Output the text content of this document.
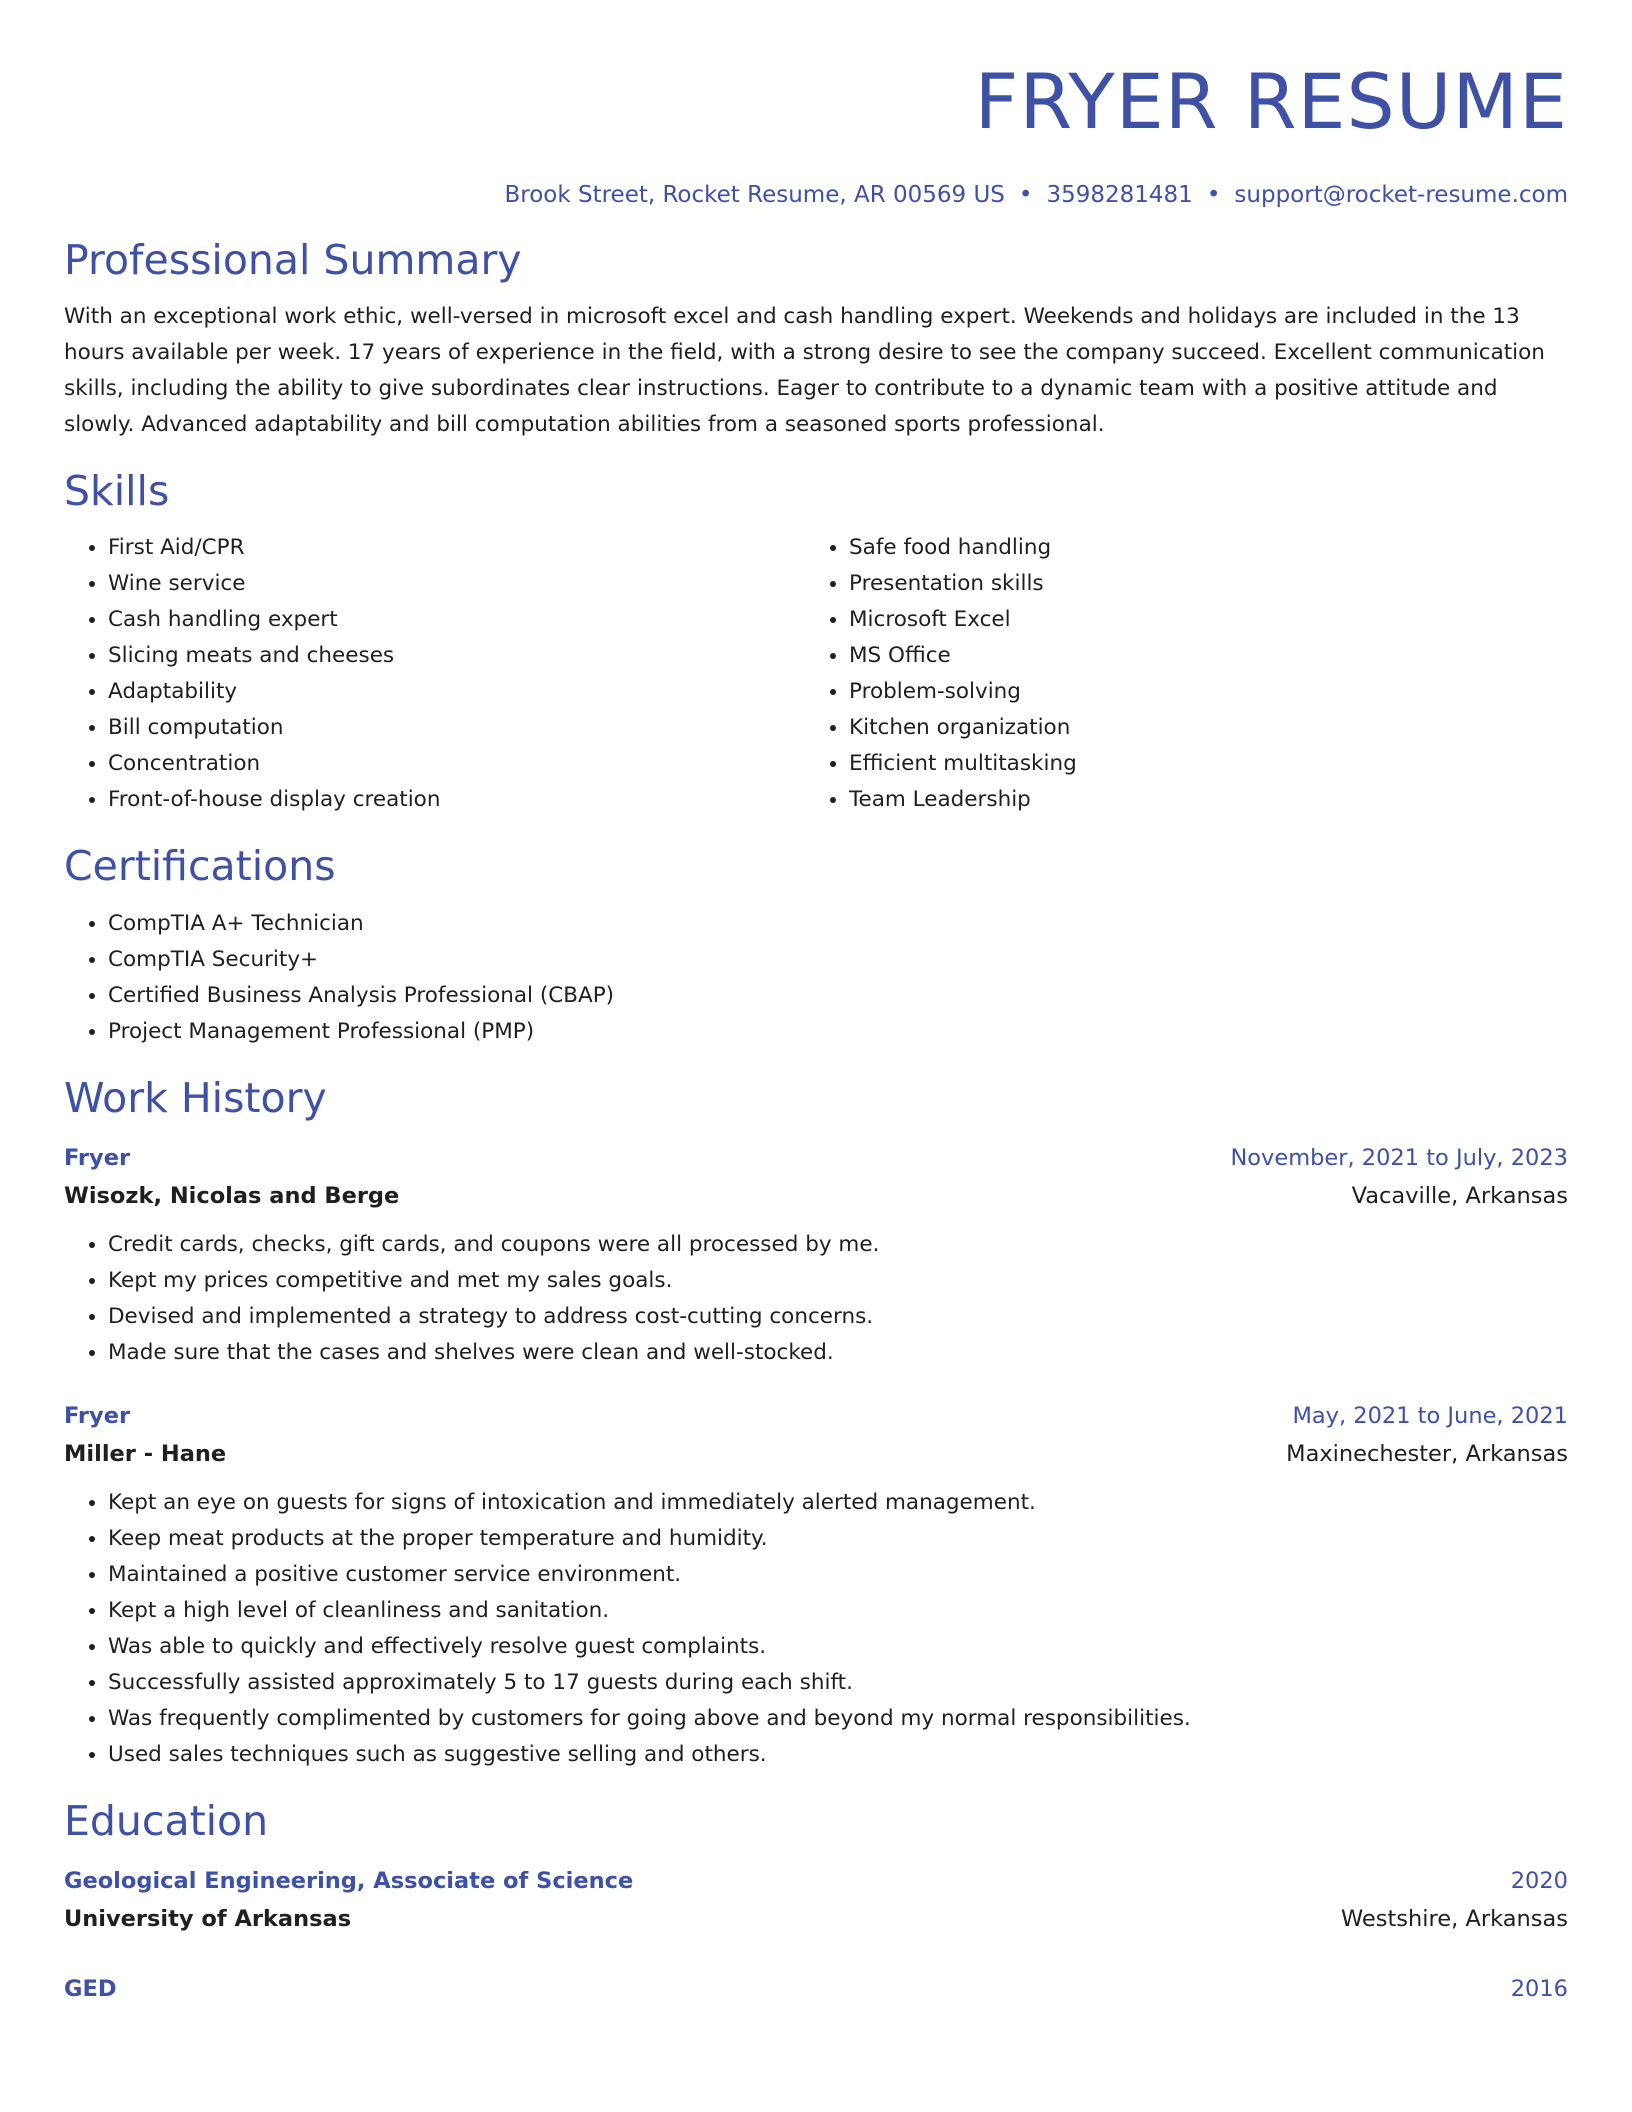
FRYER RESUME
Brook Street, Rocket Resume, AR 00569 US • 3598281481 • support@rocket-resume.com
Professional Summary
With an exceptional work ethic, well-versed in microsoft excel and cash handling expert. Weekends and holidays are included in the 13 hours available per week. 17 years of experience in the field, with a strong desire to see the company succeed. Excellent communication skills, including the ability to give subordinates clear instructions. Eager to contribute to a dynamic team with a positive attitude and slowly. Advanced adaptability and bill computation abilities from a seasoned sports professional.
Skills
• First Aid/CPR
• Wine service
• Cash handling expert
• Slicing meats and cheeses
• Adaptability
• Bill computation
• Concentration
• Front-of-house display creation
• Safe food handling
• Presentation skills
• Microsoft Excel
• MS Office
• Problem-solving
• Kitchen organization
• Efficient multitasking
• Team Leadership
Certifications
• CompTIA A+ Technician
• CompTIA Security+
• Certified Business Analysis Professional (CBAP)
• Project Management Professional (PMP)
Work History
Fryer	November, 2021 to July, 2023
Wisozk, Nicolas and Berge	Vacaville, Arkansas
• Credit cards, checks, gift cards, and coupons were all processed by me.
• Kept my prices competitive and met my sales goals.
• Devised and implemented a strategy to address cost-cutting concerns.
• Made sure that the cases and shelves were clean and well-stocked.
Fryer	May, 2021 to June, 2021
Miller - Hane	Maxinechester, Arkansas
• Kept an eye on guests for signs of intoxication and immediately alerted management.
• Keep meat products at the proper temperature and humidity.
• Maintained a positive customer service environment.
• Kept a high level of cleanliness and sanitation.
• Was able to quickly and effectively resolve guest complaints.
• Successfully assisted approximately 5 to 17 guests during each shift.
• Was frequently complimented by customers for going above and beyond my normal responsibilities.
• Used sales techniques such as suggestive selling and others.
Education
Geological Engineering, Associate of Science	2020
University of Arkansas	Westshire, Arkansas
GED	2016
